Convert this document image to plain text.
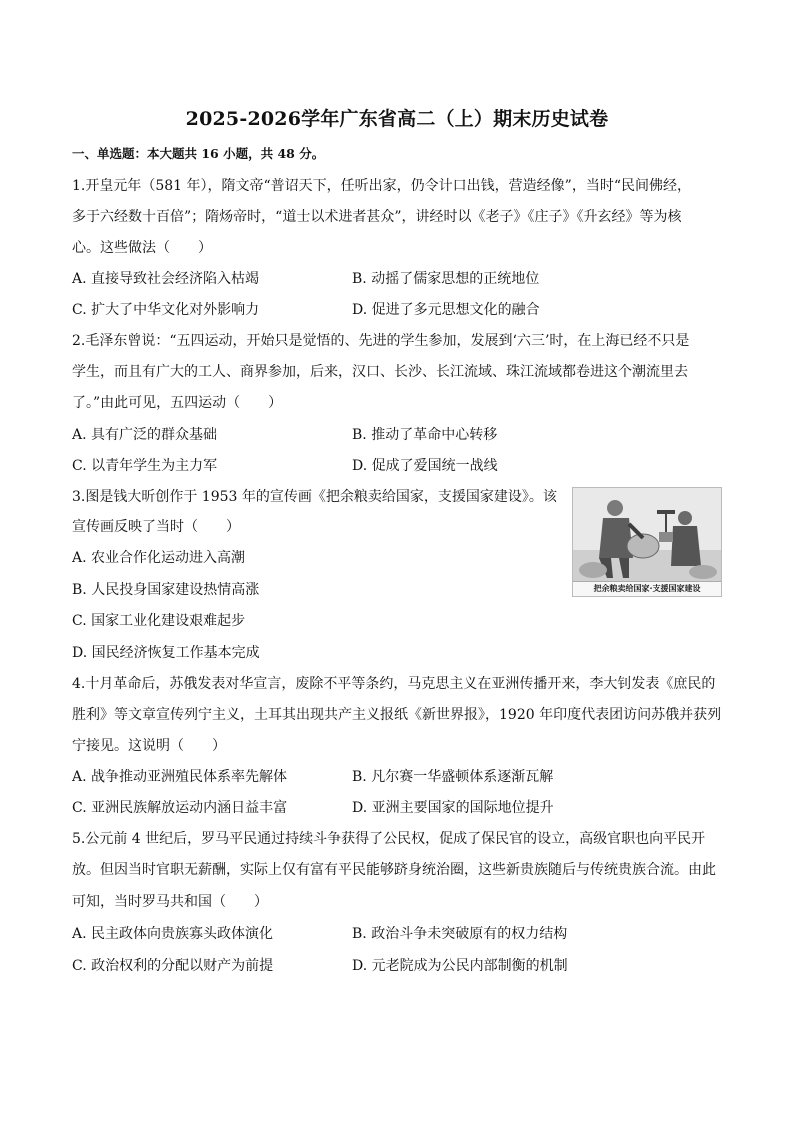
2025-2026学年广东省高二（上）期末历史试卷
一、单选题：本大题共 16 小题，共 48 分。
1.开皇元年（581 年），隋文帝“普诏天下，任听出家，仍令计口出钱，营造经像”，当时“民间佛经，
多于六经数十百倍”；隋炀帝时，“道士以术进者甚众”，讲经时以《老子》《庄子》《升玄经》等为核
心。这些做法（　　）
A. 直接导致社会经济陷入枯竭	B. 动摇了儒家思想的正统地位
C. 扩大了中华文化对外影响力	D. 促进了多元思想文化的融合
2.毛泽东曾说：“五四运动，开始只是觉悟的、先进的学生参加，发展到‘六三’时，在上海已经不只是
学生，而且有广大的工人、商界参加，后来，汉口、长沙、长江流域、珠江流域都卷进这个潮流里去
了。”由此可见，五四运动（　　）
A. 具有广泛的群众基础	B. 推动了革命中心转移
C. 以青年学生为主力军	D. 促成了爱国统一战线
3.图是钱大昕创作于 1953 年的宣传画《把余粮卖给国家，支援国家建设》。该
宣传画反映了当时（　　）
A. 农业合作化运动进入高潮
B. 人民投身国家建设热情高涨
C. 国家工业化建设艰难起步
D. 国民经济恢复工作基本完成
把余粮卖给国家·支援国家建设
4.十月革命后，苏俄发表对华宣言，废除不平等条约，马克思主义在亚洲传播开来，李大钊发表《庶民的
胜利》等文章宣传列宁主义，土耳其出现共产主义报纸《新世界报》，1920 年印度代表团访问苏俄并获列
宁接见。这说明（　　）
A. 战争推动亚洲殖民体系率先解体	B. 凡尔赛一华盛顿体系逐渐瓦解
C. 亚洲民族解放运动内涵日益丰富	D. 亚洲主要国家的国际地位提升
5.公元前 4 世纪后，罗马平民通过持续斗争获得了公民权，促成了保民官的设立，高级官职也向平民开
放。但因当时官职无薪酬，实际上仅有富有平民能够跻身统治圈，这些新贵族随后与传统贵族合流。由此
可知，当时罗马共和国（　　）
A. 民主政体向贵族寡头政体演化	B. 政治斗争未突破原有的权力结构
C. 政治权利的分配以财产为前提	D. 元老院成为公民内部制衡的机制
